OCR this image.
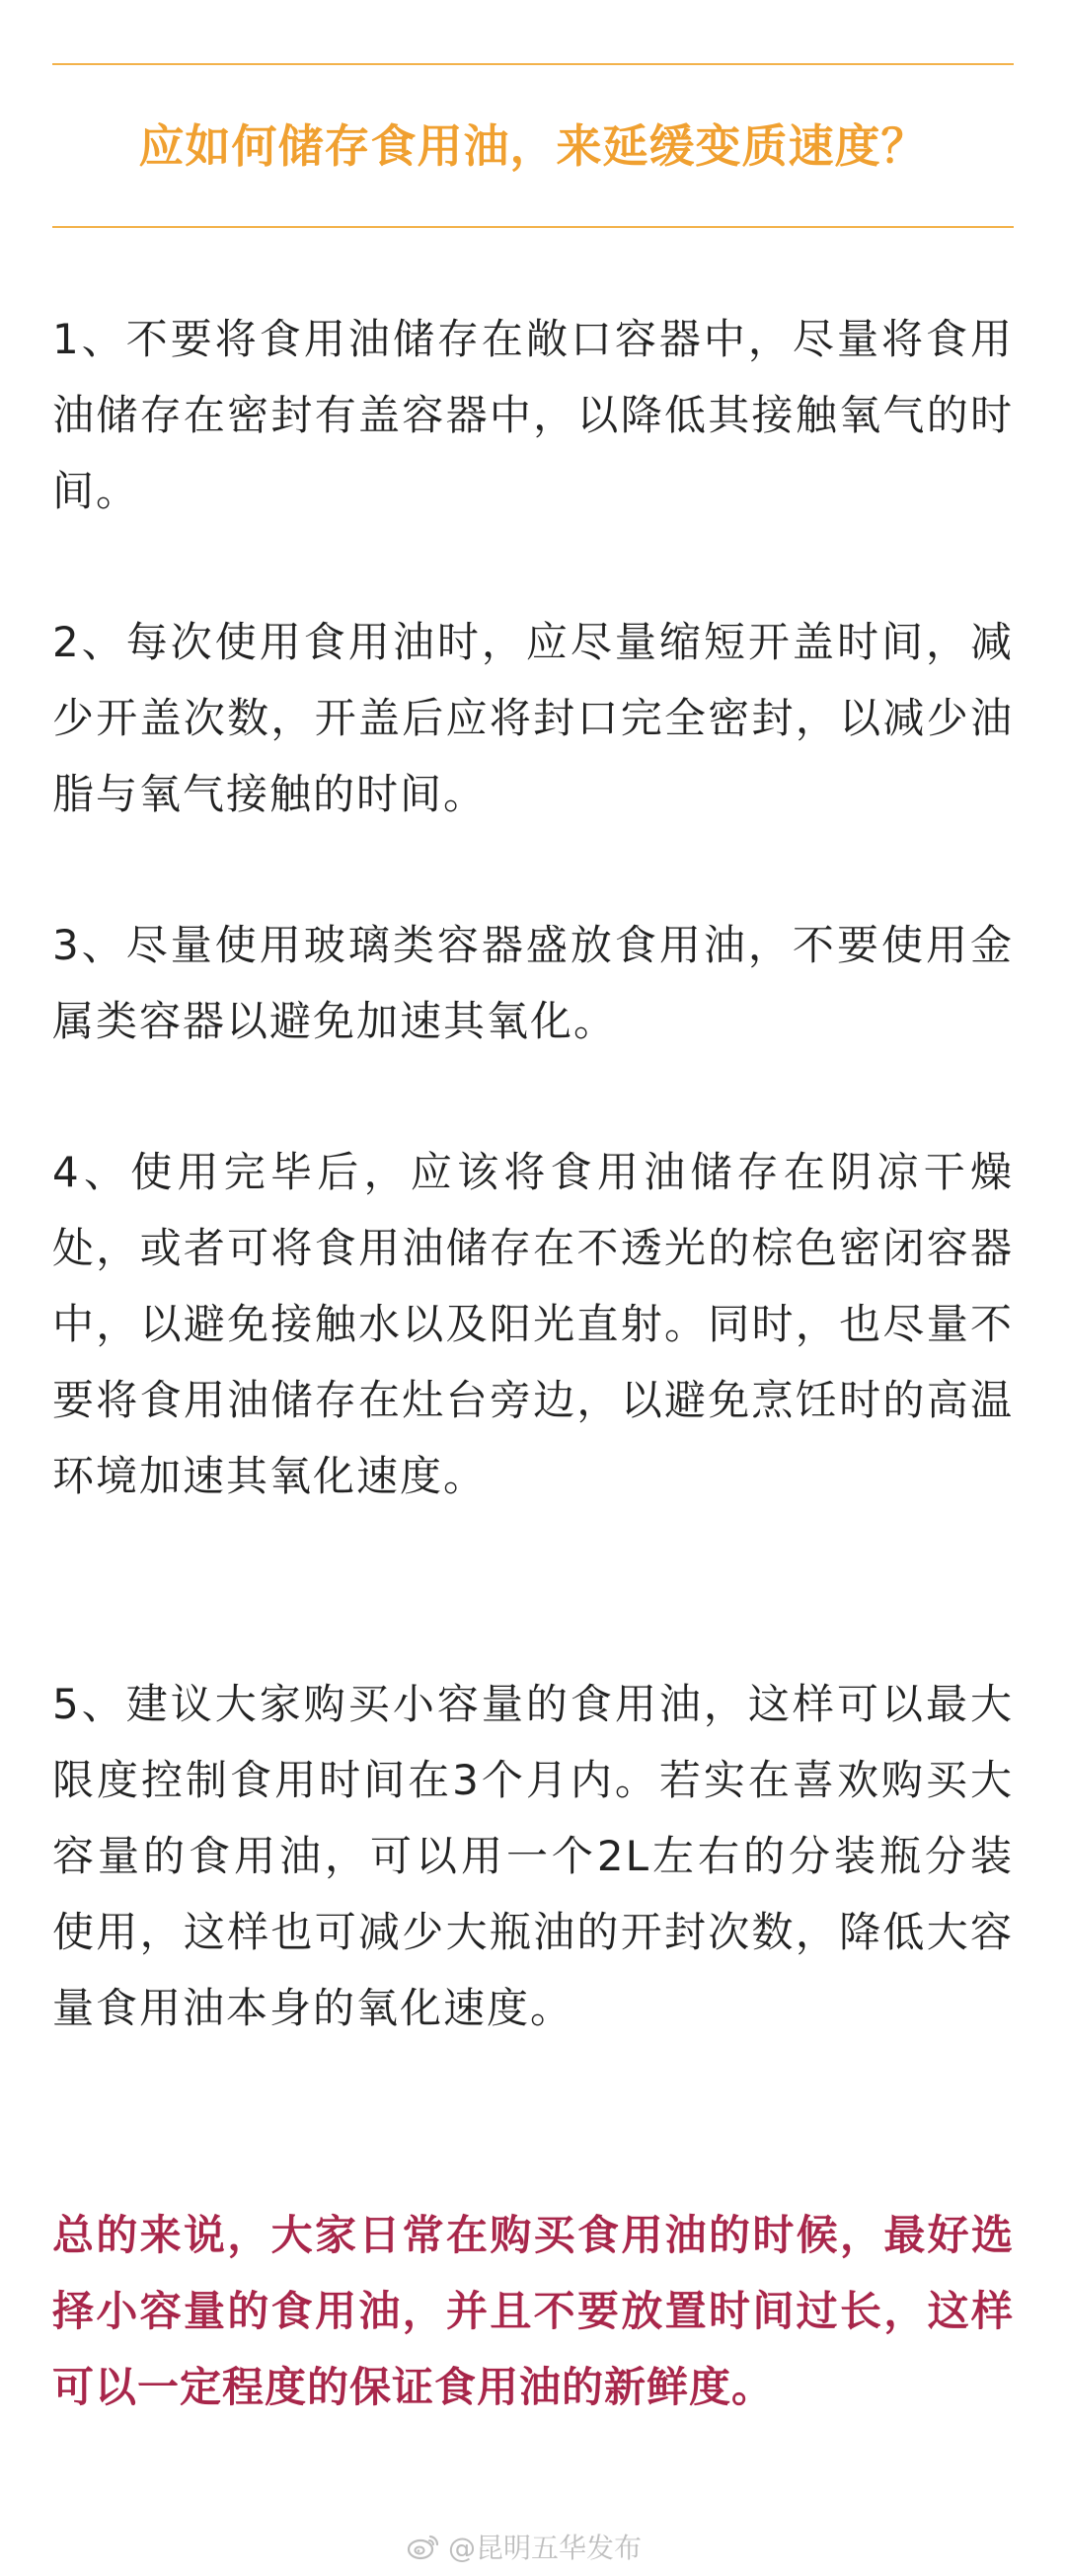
应如何储存食用油，来延缓变质速度？

1、不要将食用油储存在敞口容器中，尽量将食用油储存在密封有盖容器中，以降低其接触氧气的时间。

2、每次使用食用油时，应尽量缩短开盖时间，减少开盖次数，开盖后应将封口完全密封，以减少油脂与氧气接触的时间。

3、尽量使用玻璃类容器盛放食用油，不要使用金属类容器以避免加速其氧化。

4、使用完毕后，应该将食用油储存在阴凉干燥处，或者可将食用油储存在不透光的棕色密闭容器中，以避免接触水以及阳光直射。同时，也尽量不要将食用油储存在灶台旁边，以避免烹饪时的高温环境加速其氧化速度。

5、建议大家购买小容量的食用油，这样可以最大限度控制食用时间在3个月内。若实在喜欢购买大容量的食用油，可以用一个2L左右的分装瓶分装使用，这样也可减少大瓶油的开封次数，降低大容量食用油本身的氧化速度。

总的来说，大家日常在购买食用油的时候，最好选择小容量的食用油，并且不要放置时间过长，这样可以一定程度的保证食用油的新鲜度。

@昆明五华发布
